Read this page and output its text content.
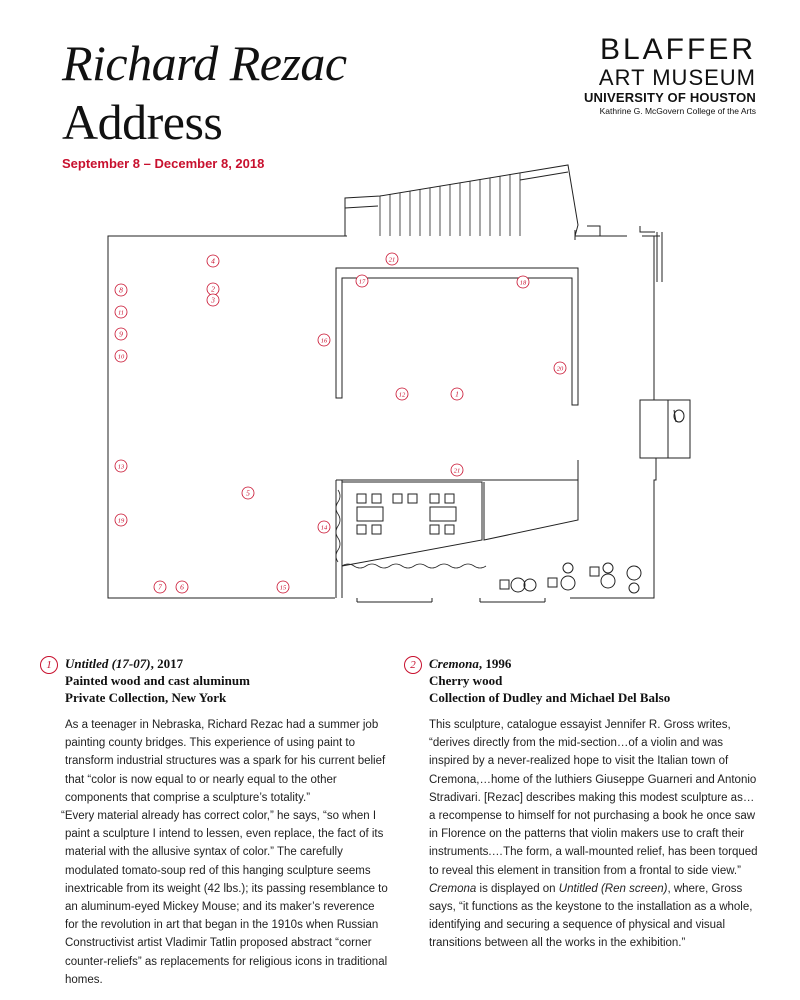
Richard Rezac
Address
September 8 – December 8, 2018
BLAFFER
ART MUSEUM
UNIVERSITY OF HOUSTON
Kathrine G. McGovern College of the Arts
1
2
3
4
5
6
7
8
9
10
11
12
13
14
15
16
17	18
19
20
21
21
1	Untitled (17-07), 2017
Painted wood and cast aluminum
Private Collection, New York

As a teenager in Nebraska, Richard Rezac had a summer job painting county bridges. This experience of using paint to transform industrial structures was a spark for his current belief that “color is now equal to or nearly equal to the other components that comprise a sculpture’s totality.”

“Every material already has correct color,” he says, “so when I paint a sculpture I intend to lessen, even replace, the fact of its material with the allusive syntax of color.” The carefully modulated tomato-soup red of this hanging sculpture seems inextricable from its weight (42 lbs.); its passing resemblance to an aluminum-eyed Mickey Mouse; and its maker’s reverence for the revolution in art that began in the 1910s when Russian Constructivist artist Vladimir Tatlin proposed abstract “corner counter-reliefs” as replacements for religious icons in traditional homes.

2	Cremona, 1996
Cherry wood
Collection of Dudley and Michael Del Balso

This sculpture, catalogue essayist Jennifer R. Gross writes, “derives directly from the mid-section…of a violin and was inspired by a never-realized hope to visit the Italian town of Cremona,…home of the luthiers Giuseppe Guarneri and Antonio Stradivari. [Rezac] describes making this modest sculpture as…a recompense to himself for not purchasing a book he once saw in Florence on the patterns that violin makers use to craft their instruments.…The form, a wall-mounted relief, has been torqued to reveal this element in transition from a frontal to side view.” Cremona is displayed on Untitled (Ren screen), where, Gross says, “it functions as the keystone to the installation as a whole, identifying and securing a sequence of physical and visual transitions between all the works in the exhibition.”
